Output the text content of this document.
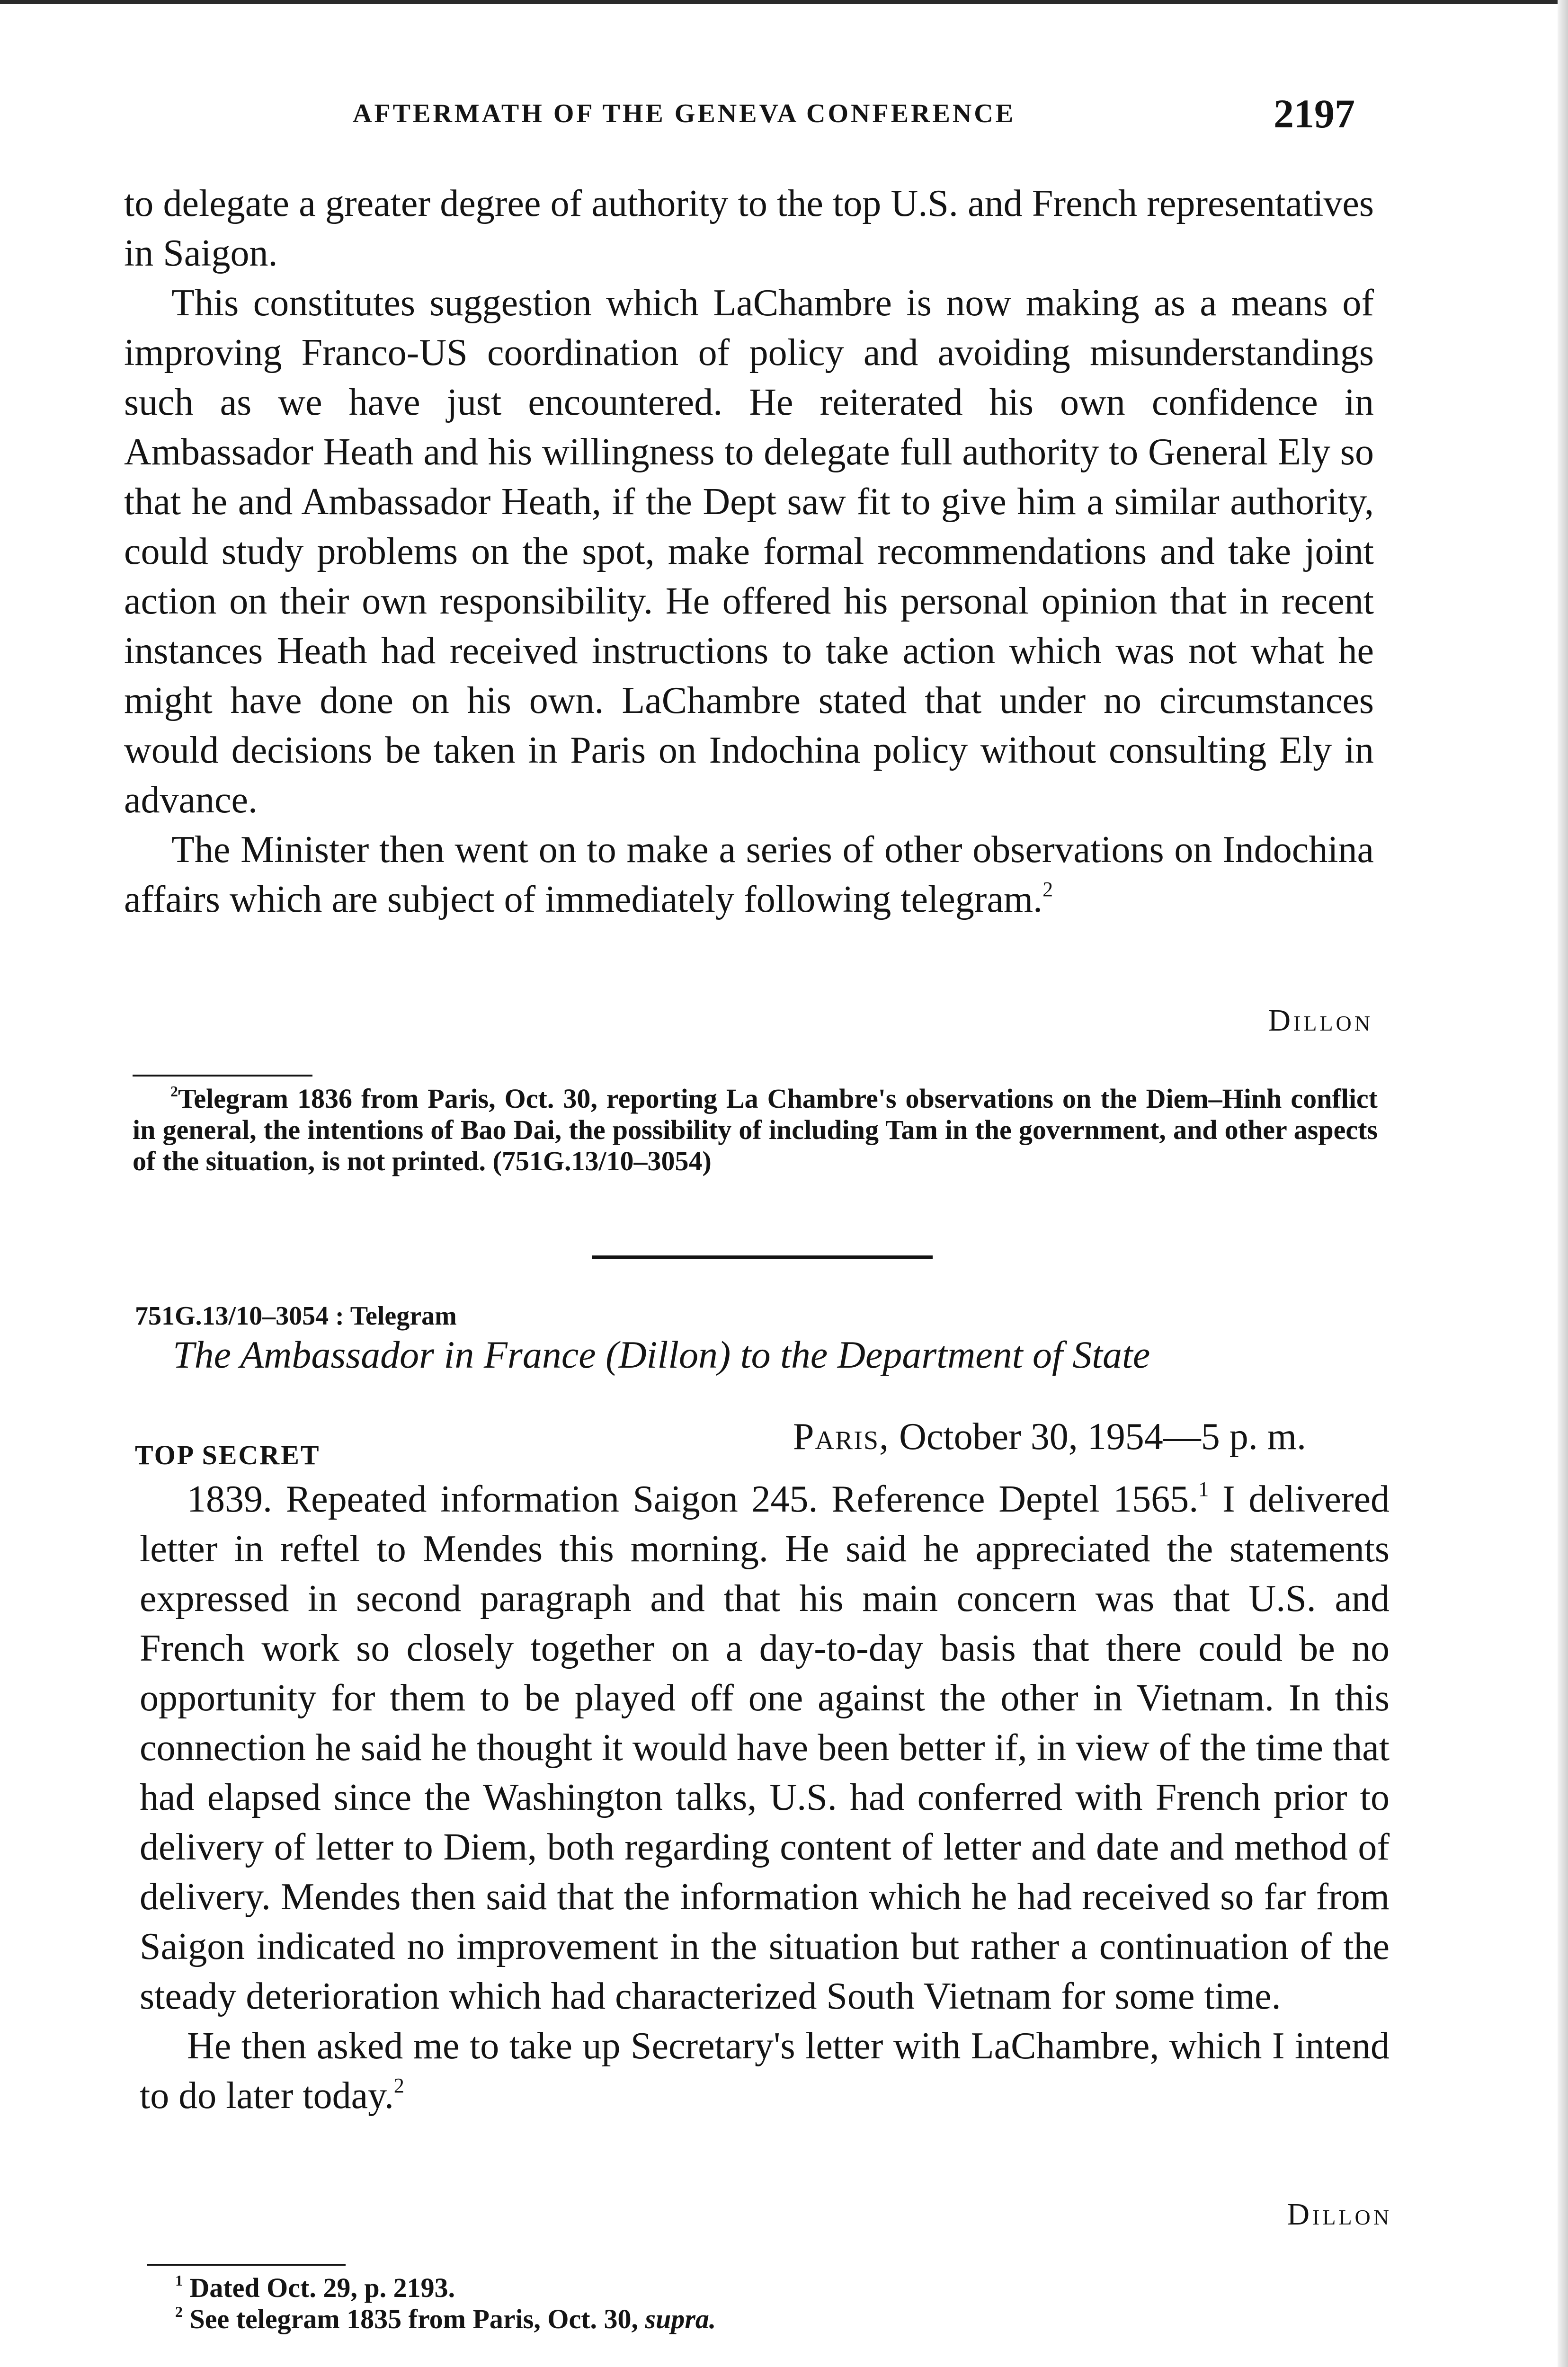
AFTERMATH OF THE GENEVA CONFERENCE	2197

to delegate a greater degree of authority to the top U.S. and French representatives in Saigon.

This constitutes suggestion which LaChambre is now making as a means of improving Franco-US coordination of policy and avoiding misunderstandings such as we have just encountered. He reiterated his own confidence in Ambassador Heath and his willingness to delegate full authority to General Ely so that he and Ambassador Heath, if the Dept saw fit to give him a similar authority, could study problems on the spot, make formal recommendations and take joint action on their own responsibility. He offered his personal opinion that in recent instances Heath had received instructions to take action which was not what he might have done on his own. LaChambre stated that under no circumstances would decisions be taken in Paris on Indochina policy without consulting Ely in advance.

The Minister then went on to make a series of other observations on Indochina affairs which are subject of immediately following telegram.$^2$

Dillon

$^2$Telegram 1836 from Paris, Oct. 30, reporting La Chambre's observations on the Diem–Hinh conflict in general, the intentions of Bao Dai, the possibility of including Tam in the government, and other aspects of the situation, is not printed. (751G.13/10–3054)

751G.13/10–3054 : Telegram
The Ambassador in France (Dillon) to the Department of State
TOP SECRET	Paris, October 30, 1954—5 p. m.

1839. Repeated information Saigon 245. Reference Deptel 1565.$^1$ I delivered letter in reftel to Mendes this morning. He said he appreciated the statements expressed in second paragraph and that his main concern was that U.S. and French work so closely together on a day-to-day basis that there could be no opportunity for them to be played off one against the other in Vietnam. In this connection he said he thought it would have been better if, in view of the time that had elapsed since the Washington talks, U.S. had conferred with French prior to delivery of letter to Diem, both regarding content of letter and date and method of delivery. Mendes then said that the information which he had received so far from Saigon indicated no improvement in the situation but rather a continuation of the steady deterioration which had characterized South Vietnam for some time.

He then asked me to take up Secretary's letter with LaChambre, which I intend to do later today.$^2$

Dillon

$^1$ Dated Oct. 29, p. 2193.

$^2$ See telegram 1835 from Paris, Oct. 30, supra.
